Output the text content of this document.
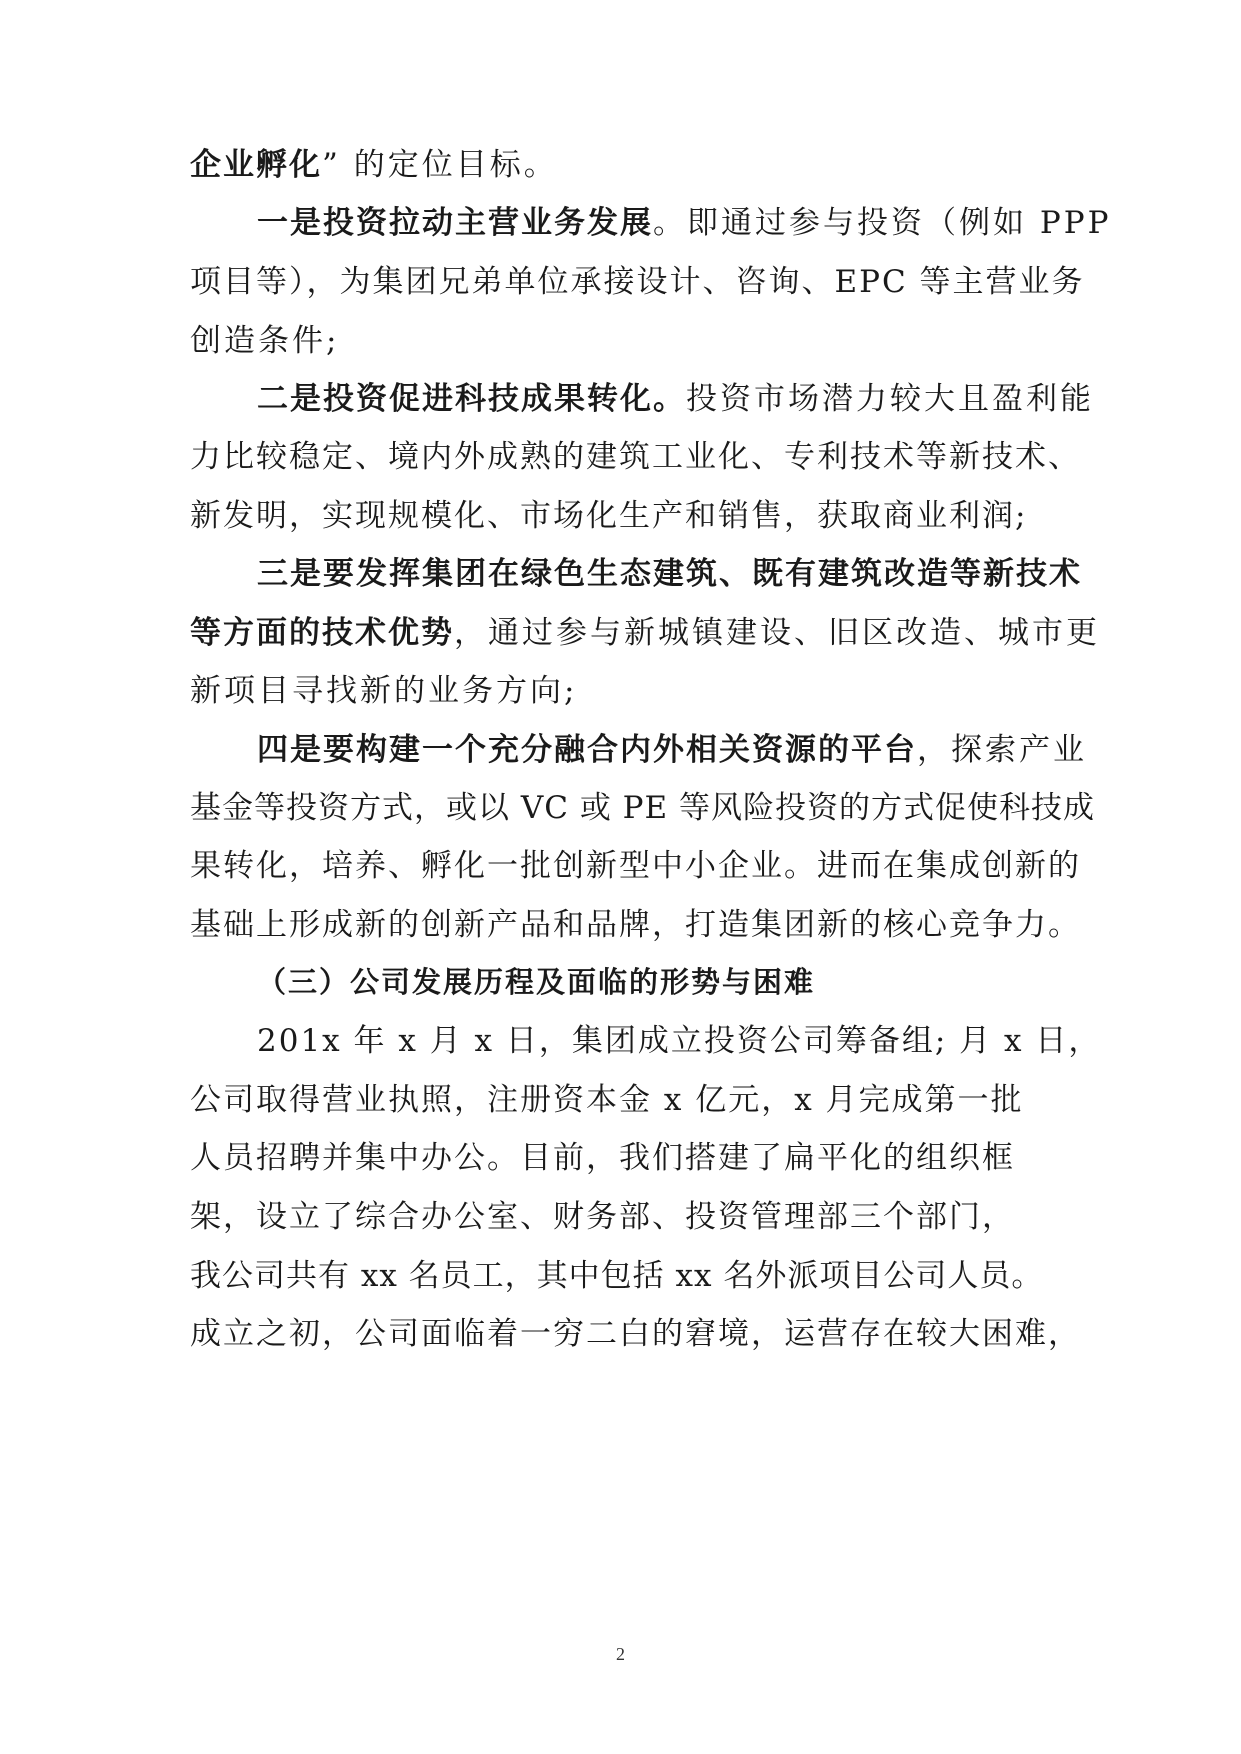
企业孵化” 的定位目标。
一是投资拉动主营业务发展。即通过参与投资（例如 PPP
项目等），为集团兄弟单位承接设计、咨询、EPC 等主营业务
创造条件;
二是投资促进科技成果转化。投资市场潜力较大且盈利能
力比较稳定、境内外成熟的建筑工业化、专利技术等新技术、
新发明，实现规模化、市场化生产和销售，获取商业利润;
三是要发挥集团在绿色生态建筑、既有建筑改造等新技术
等方面的技术优势，通过参与新城镇建设、旧区改造、城市更
新项目寻找新的业务方向;
四是要构建一个充分融合内外相关资源的平台，探索产业
基金等投资方式，或以 VC 或 PE 等风险投资的方式促使科技成
果转化，培养、孵化一批创新型中小企业。进而在集成创新的
基础上形成新的创新产品和品牌，打造集团新的核心竞争力。
（三）公司发展历程及面临的形势与困难
201x 年 x 月 x 日，集团成立投资公司筹备组; 月 x 日，
公司取得营业执照，注册资本金 x 亿元，x 月完成第一批
人员招聘并集中办公。目前，我们搭建了扁平化的组织框
架，设立了综合办公室、财务部、投资管理部三个部门，
我公司共有 xx 名员工，其中包括 xx 名外派项目公司人员。
成立之初，公司面临着一穷二白的窘境，运营存在较大困难，
2
